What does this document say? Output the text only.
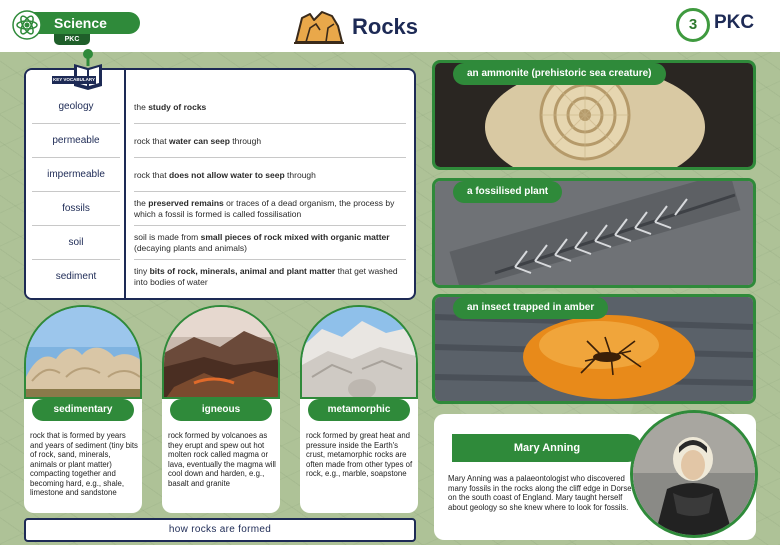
Science
PKC
Rocks	3 PKC
KEY VOCABULARY
geology	the study of rocks
permeable	rock that water can seep through
impermeable	rock that does not allow water to seep through
fossils	the preserved remains or traces of a dead organism, the process by which a fossil is formed is called fossilisation
soil	soil is made from small pieces of rock mixed with organic matter (decaying plants and animals)
sediment	tiny bits of rock, minerals, animal and plant matter that get washed into bodies of water
sedimentary
rock that is formed by years and years of sediment (tiny bits of rock, sand, minerals, animals or plant matter) compacting together and becoming hard, e.g., shale, limestone and sandstone
igneous
rock formed by volcanoes as they erupt and spew out hot molten rock called magma or lava, eventually the magma will cool down and harden, e.g., basalt and granite
metamorphic
rock formed by great heat and pressure inside the Earth's crust, metamorphic rocks are often made from other types of rock, e.g., marble, soapstone
how rocks are formed
an ammonite (prehistoric sea creature)
a fossilised plant
an insect trapped in amber
Mary Anning
Mary Anning was a palaeontologist who discovered many fossils in the rocks along the cliff edge in Dorset on the south coast of England. Mary taught herself about geology so she knew where to look for fossils.
